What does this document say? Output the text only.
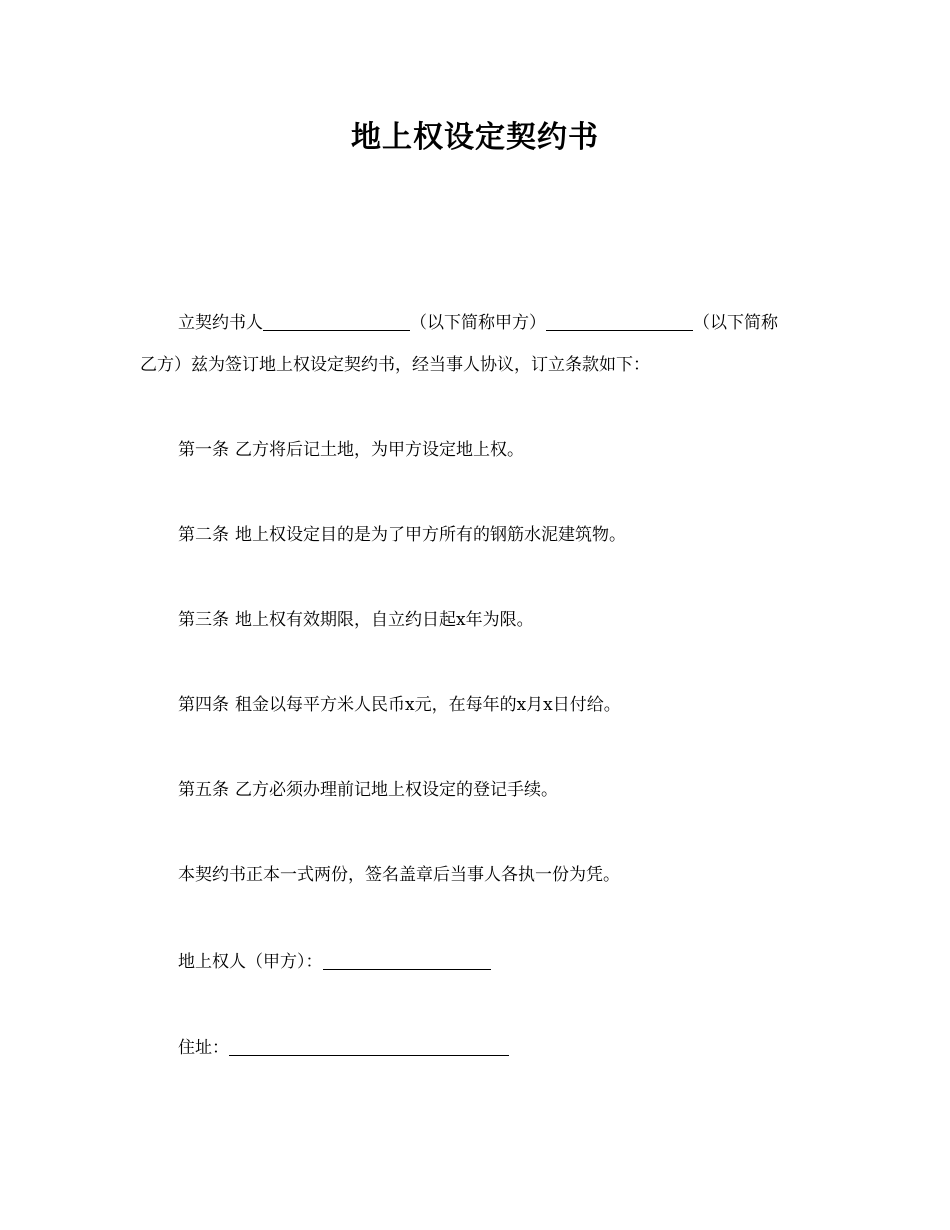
地上权设定契约书

立契约书人	（以下简称甲方）	（以下简称

乙方）兹为签订地上权设定契约书，经当事人协议，订立条款如下：

第一条 乙方将后记土地，为甲方设定地上权。

第二条 地上权设定目的是为了甲方所有的钢筋水泥建筑物。

第三条 地上权有效期限，自立约日起x年为限。

第四条 租金以每平方米人民币x元，在每年的x月x日付给。

第五条 乙方必须办理前记地上权设定的登记手续。

本契约书正本一式两份，签名盖章后当事人各执一份为凭。

地上权人（甲方）：

住址：
